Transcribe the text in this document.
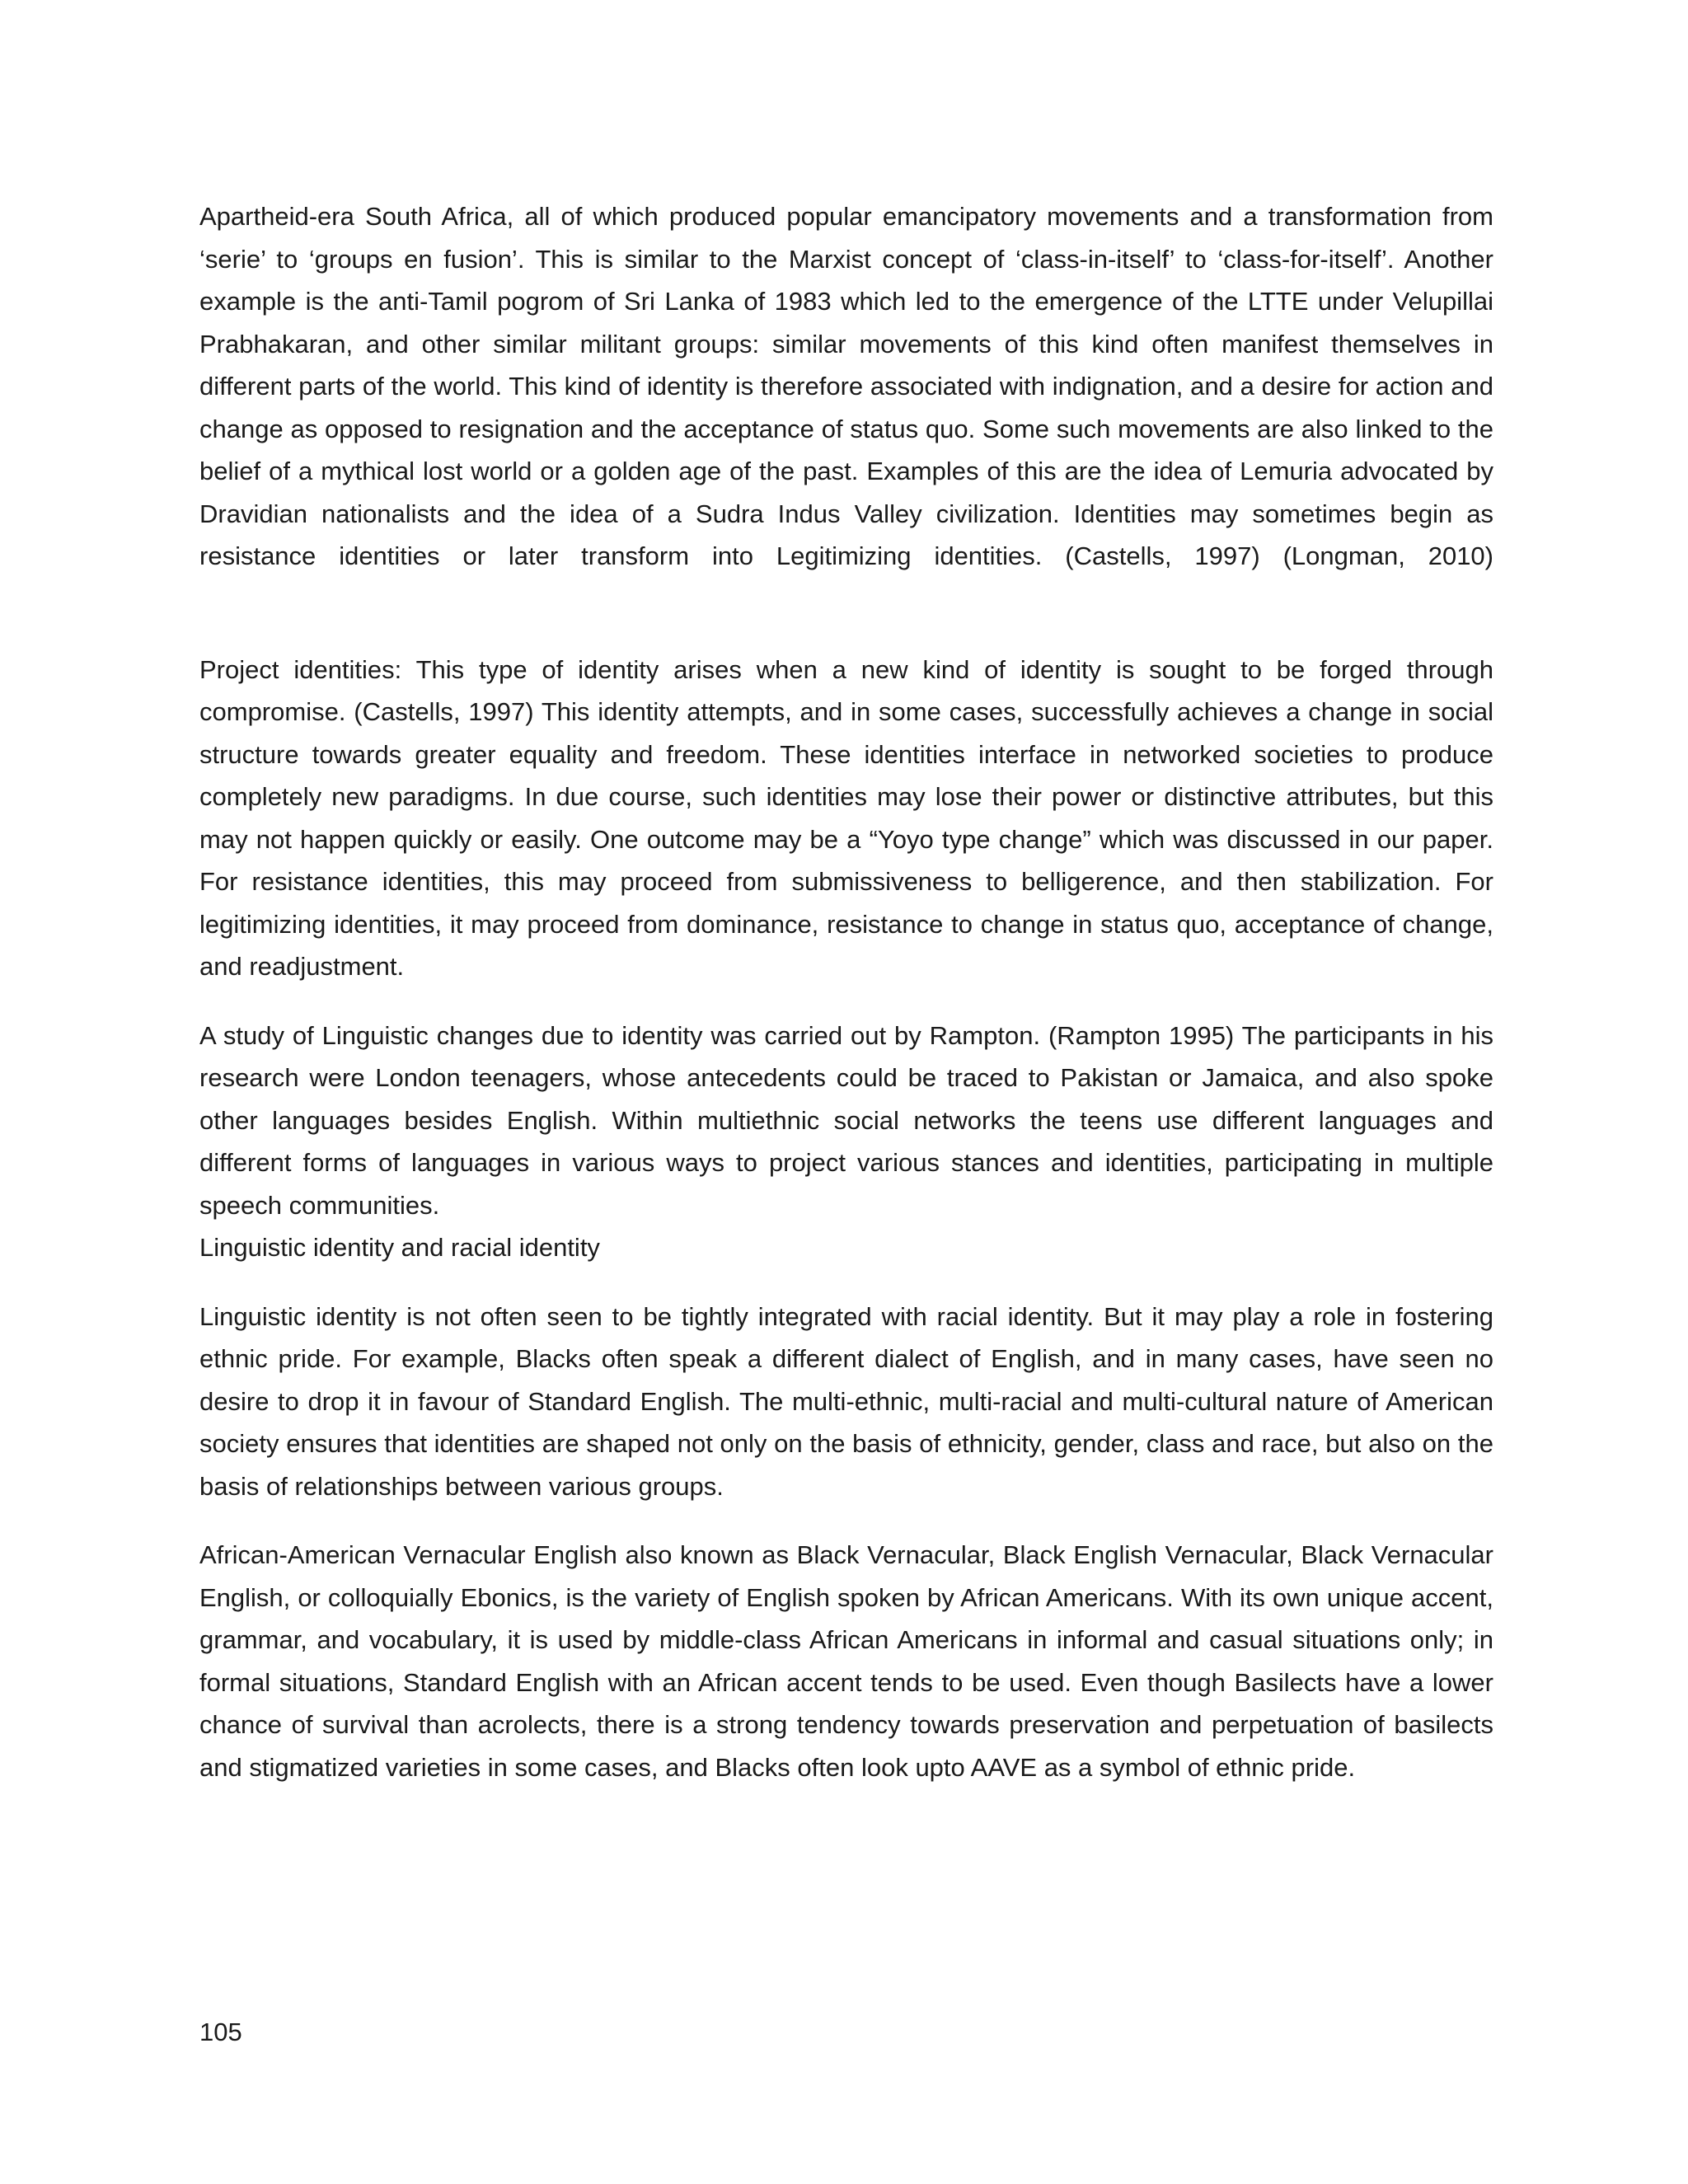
Apartheid-era South Africa, all of which produced popular emancipatory movements and a transformation from ‘serie’ to ‘groups en fusion’. This is similar to the Marxist concept of ‘class-in-itself’ to ‘class-for-itself’. Another example is the anti-Tamil pogrom of Sri Lanka of 1983 which led to the emergence of the LTTE under Velupillai Prabhakaran, and other similar militant groups: similar movements of this kind often manifest themselves in different parts of the world. This kind of identity is therefore associated with indignation, and a desire for action and change as opposed to resignation and the acceptance of status quo. Some such movements are also linked to the belief of a mythical lost world or a golden age of the past. Examples of this are the idea of Lemuria advocated by Dravidian nationalists and the idea of a Sudra Indus Valley civilization. Identities may sometimes begin as resistance identities or later transform into Legitimizing identities. (Castells, 1997) (Longman, 2010)

Project identities: This type of identity arises when a new kind of identity is sought to be forged through compromise. (Castells, 1997) This identity attempts, and in some cases, successfully achieves a change in social structure towards greater equality and freedom. These identities interface in networked societies to produce completely new paradigms. In due course, such identities may lose their power or distinctive attributes, but this may not happen quickly or easily. One outcome may be a “Yoyo type change” which was discussed in our paper. For resistance identities, this may proceed from submissiveness to belligerence, and then stabilization. For legitimizing identities, it may proceed from dominance, resistance to change in status quo, acceptance of change, and readjustment.

A study of Linguistic changes due to identity was carried out by Rampton. (Rampton 1995) The participants in his research were London teenagers, whose antecedents could be traced to Pakistan or Jamaica, and also spoke other languages besides English. Within multiethnic social networks the teens use different languages and different forms of languages in various ways to project various stances and identities, participating in multiple speech communities.

Linguistic identity and racial identity

Linguistic identity is not often seen to be tightly integrated with racial identity. But it may play a role in fostering ethnic pride. For example, Blacks often speak a different dialect of English, and in many cases, have seen no desire to drop it in favour of Standard English. The multi-ethnic, multi-racial and multi-cultural nature of American society ensures that identities are shaped not only on the basis of ethnicity, gender, class and race, but also on the basis of relationships between various groups.

African-American Vernacular English also known as Black Vernacular, Black English Vernacular, Black Vernacular English, or colloquially Ebonics, is the variety of English spoken by African Americans. With its own unique accent, grammar, and vocabulary, it is used by middle-class African Americans in informal and casual situations only; in formal situations, Standard English with an African accent tends to be used. Even though Basilects have a lower chance of survival than acrolects, there is a strong tendency towards preservation and perpetuation of basilects and stigmatized varieties in some cases, and Blacks often look upto AAVE as a symbol of ethnic pride.

105
